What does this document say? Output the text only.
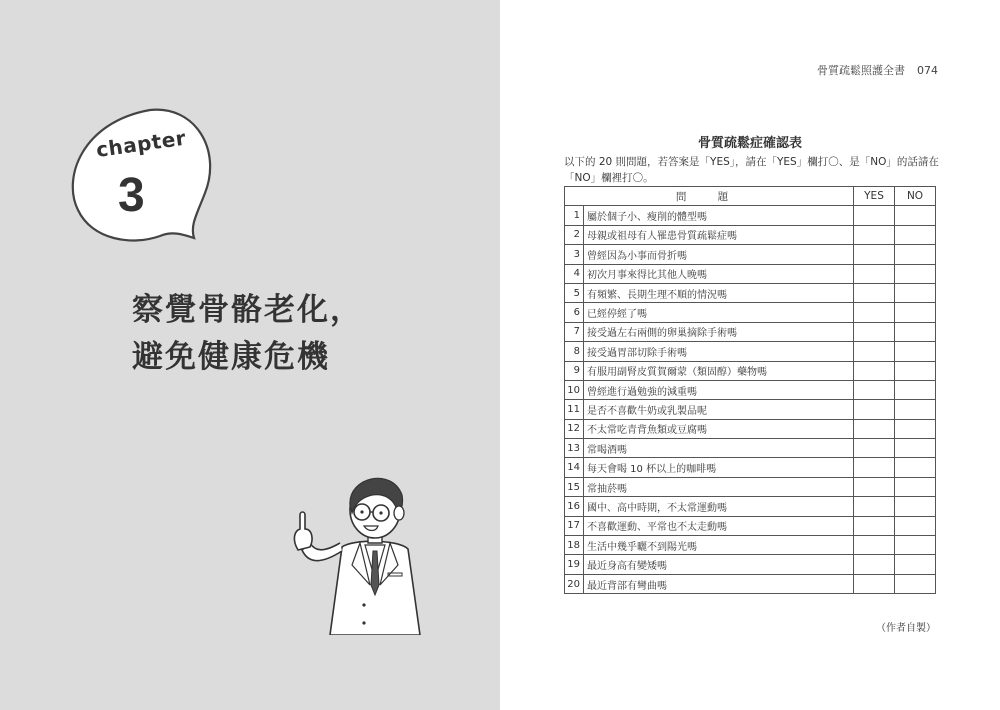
chapter
3
察覺骨骼老化，
避免健康危機
骨質疏鬆照護全書 074
骨質疏鬆症確認表
以下的 20 則問題，若答案是「YES」，請在「YES」欄打〇、是「NO」的話請在「NO」欄裡打〇。
問 題		YES	NO
1	屬於個子小、瘦削的體型嗎		
2	母親或祖母有人罹患骨質疏鬆症嗎		
3	曾經因為小事而骨折嗎		
4	初次月事來得比其他人晚嗎		
5	有頻繁、長期生理不順的情況嗎		
6	已經停經了嗎		
7	接受過左右兩側的卵巢摘除手術嗎		
8	接受過胃部切除手術嗎		
9	有服用副腎皮質賀爾蒙（類固醇）藥物嗎		
10	曾經進行過勉強的減重嗎		
11	是否不喜歡牛奶或乳製品呢		
12	不太常吃青背魚類或豆腐嗎		
13	常喝酒嗎		
14	每天會喝 10 杯以上的咖啡嗎		
15	常抽菸嗎		
16	國中、高中時期，不太常運動嗎		
17	不喜歡運動、平常也不太走動嗎		
18	生活中幾乎曬不到陽光嗎		
19	最近身高有變矮嗎		
20	最近背部有彎曲嗎		
（作者自製）
